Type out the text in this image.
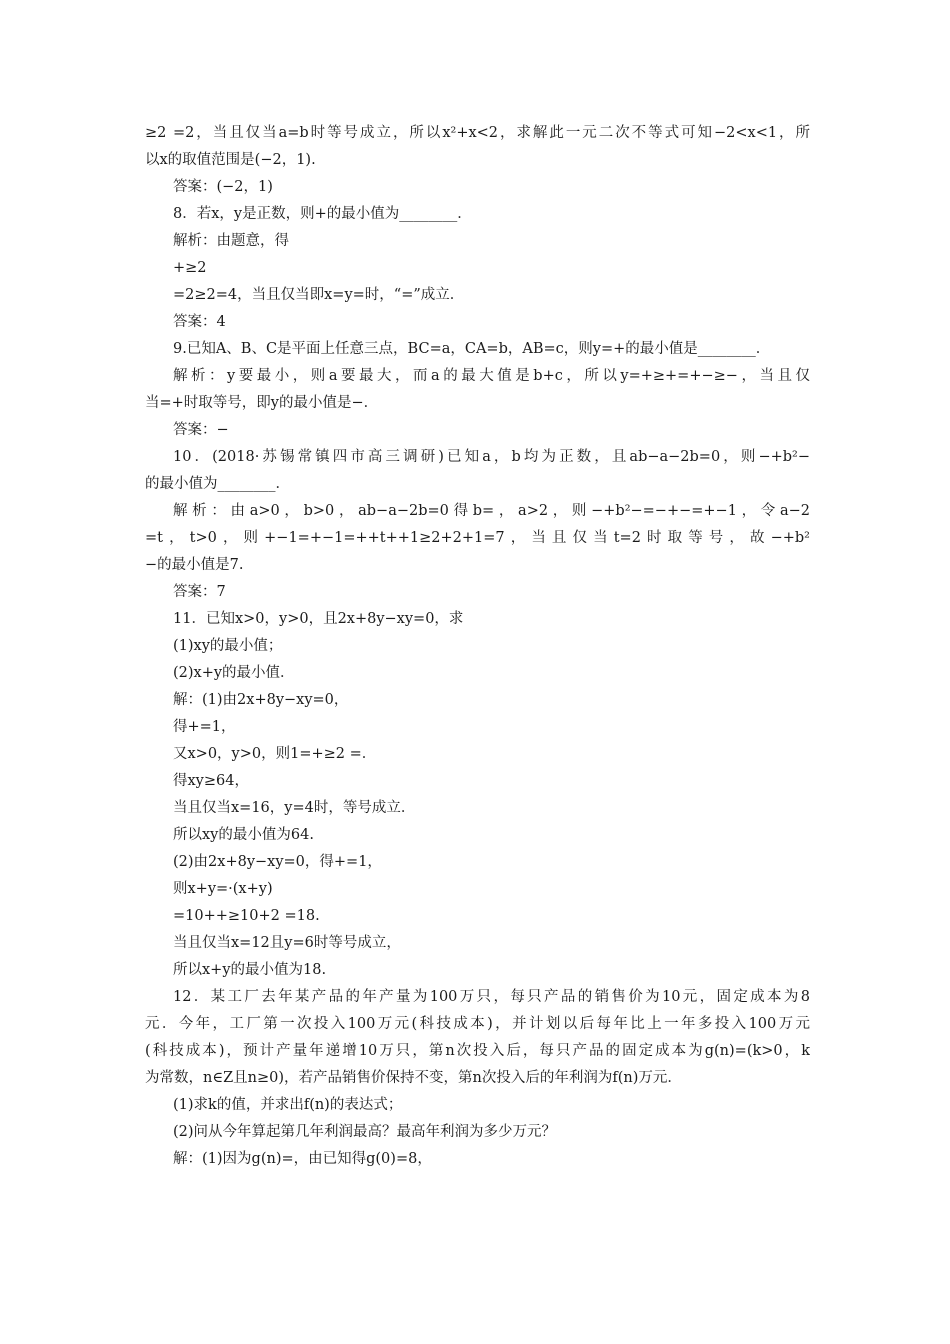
≥2 =2，当且仅当a=b时等号成立，所以x²+x<2，求解此一元二次不等式可知−2<x<1，所
以x的取值范围是(−2，1).
答案：(−2，1)
8．若x，y是正数，则+的最小值为________．
解析：由题意，得
+≥2
=2≥2=4，当且仅当即x=y=时，“=”成立．
答案：4
9.已知A、B、C是平面上任意三点，BC=a，CA=b，AB=c，则y=+的最小值是________．
解析：y要最小，则a要最大，而a的最大值是b+c，所以y=+≥+=+−≥−，当且仅
当=+时取等号，即y的最小值是−．
答案：−
10．(2018·苏锡常镇四市高三调研)已知a，b均为正数，且ab−a−2b=0，则−+b²−
的最小值为________．
解析：由a>0，b>0，ab−a−2b=0得b=，a>2，则−+b²−=−+−=+−1，令a−2
=t，t>0，则+−1=+−1=++t++1≥2+2+1=7，当且仅当t=2时取等号，故−+b²
−的最小值是7.
答案：7
11．已知x>0，y>0，且2x+8y−xy=0，求
(1)xy的最小值；
(2)x+y的最小值．
解：(1)由2x+8y−xy=0，
得+=1，
又x>0，y>0，则1=+≥2 =．
得xy≥64，
当且仅当x=16，y=4时，等号成立．
所以xy的最小值为64.
(2)由2x+8y−xy=0，得+=1，
则x+y=·(x+y)
=10++≥10+2 =18.
当且仅当x=12且y=6时等号成立，
所以x+y的最小值为18.
12．某工厂去年某产品的年产量为100万只，每只产品的销售价为10元，固定成本为8
元．今年，工厂第一次投入100万元(科技成本)，并计划以后每年比上一年多投入100万元
(科技成本)，预计产量年递增10万只，第n次投入后，每只产品的固定成本为g(n)=(k>0，k
为常数，n∈Z且n≥0)，若产品销售价保持不变，第n次投入后的年利润为f(n)万元．
(1)求k的值，并求出f(n)的表达式；
(2)问从今年算起第几年利润最高？最高年利润为多少万元？
解：(1)因为g(n)=，由已知得g(0)=8，
